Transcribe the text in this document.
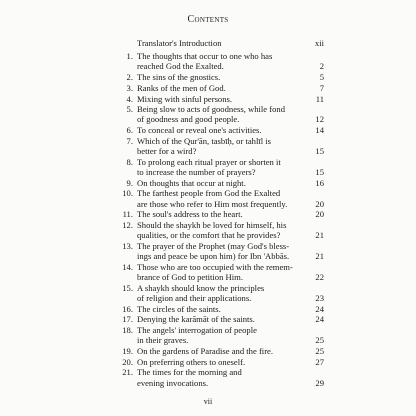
Contents
Translator's Introduction	xii
1. The thoughts that occur to one who has
reached God the Exalted.	2
2. The sins of the gnostics.	5
3. Ranks of the men of God.	7
4. Mixing with sinful persons.	11
5. Being slow to acts of goodness, while fond
of goodness and good people.	12
6. To conceal or reveal one's activities.	14
7. Which of the Qur'ān, tasbīḥ, or tahlīl is
better for a wird?	15
8. To prolong each ritual prayer or shorten it
to increase the number of prayers?	15
9. On thoughts that occur at night.	16
10. The farthest people from God the Exalted
are those who refer to Him most frequently.	20
11. The soul's address to the heart.	20
12. Should the shaykh be loved for himself, his
qualities, or the comfort that he provides?	21
13. The prayer of the Prophet (may God's bless-
ings and peace be upon him) for Ibn 'Abbās.	21
14. Those who are too occupied with the remem-
brance of God to petition Him.	22
15. A shaykh should know the principles
of religion and their applications.	23
16. The circles of the saints.	24
17. Denying the karāmāt of the saints.	24
18. The angels' interrogation of people
in their graves.	25
19. On the gardens of Paradise and the fire.	25
20. On preferring others to oneself.	27
21. The times for the morning and
evening invocations.	29
vii
